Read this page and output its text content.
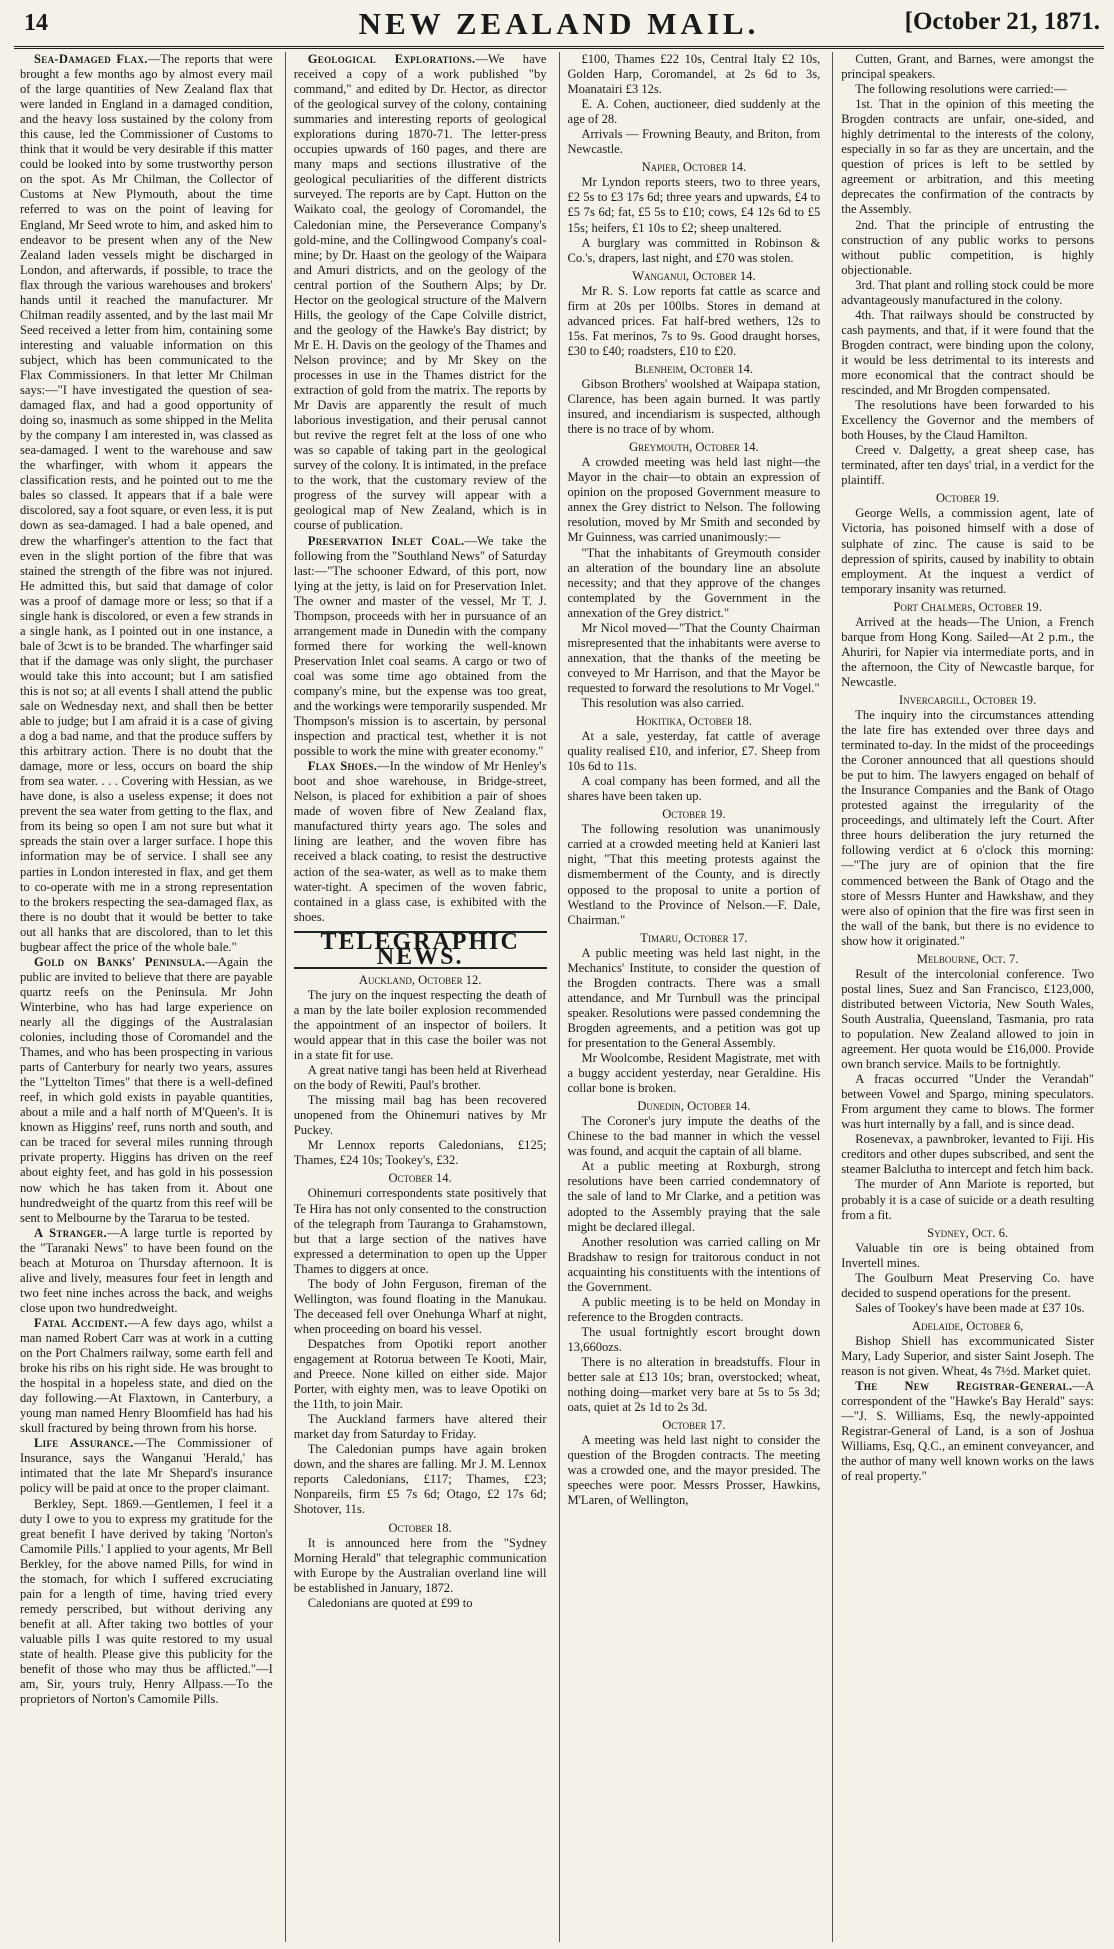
14	NEW ZEALAND MAIL.	[October 21, 1871.

Sea-Damaged Flax.—The reports that were brought a few months ago by almost every mail of the large quantities of New Zealand flax that were landed in England in a damaged condition, and the heavy loss sustained by the colony from this cause, led the Commissioner of Customs to think that it would be very desirable if this matter could be looked into by some trustworthy person on the spot. As Mr Chilman, the Collector of Customs at New Plymouth, about the time referred to was on the point of leaving for England, Mr Seed wrote to him, and asked him to endeavor to be present when any of the New Zealand laden vessels might be discharged in London, and afterwards, if possible, to trace the flax through the various warehouses and brokers' hands until it reached the manufacturer. Mr Chilman readily assented, and by the last mail Mr Seed received a letter from him, containing some interesting and valuable information on this subject, which has been communicated to the Flax Commissioners. In that letter Mr Chilman says:—"I have investigated the question of sea-damaged flax, and had a good opportunity of doing so, inasmuch as some shipped in the Melita by the company I am interested in, was classed as sea-damaged. I went to the warehouse and saw the wharfinger, with whom it appears the classification rests, and he pointed out to me the bales so classed. It appears that if a bale were discolored, say a foot square, or even less, it is put down as sea-damaged. I had a bale opened, and drew the wharfinger's attention to the fact that even in the slight portion of the fibre that was stained the strength of the fibre was not injured. He admitted this, but said that damage of color was a proof of damage more or less; so that if a single hank is discolored, or even a few strands in a single hank, as I pointed out in one instance, a bale of 3cwt is to be branded. The wharfinger said that if the damage was only slight, the purchaser would take this into account; but I am satisfied this is not so; at all events I shall attend the public sale on Wednesday next, and shall then be better able to judge; but I am afraid it is a case of giving a dog a bad name, and that the produce suffers by this arbitrary action. There is no doubt that the damage, more or less, occurs on board the ship from sea water. . . . Covering with Hessian, as we have done, is also a useless expense; it does not prevent the sea water from getting to the flax, and from its being so open I am not sure but what it spreads the stain over a larger surface. I hope this information may be of service. I shall see any parties in London interested in flax, and get them to co-operate with me in a strong representation to the brokers respecting the sea-damaged flax, as there is no doubt that it would be better to take out all hanks that are discolored, than to let this bugbear affect the price of the whole bale."

Gold on Banks' Peninsula.—Again the public are invited to believe that there are payable quartz reefs on the Peninsula. Mr John Winterbine, who has had large experience on nearly all the diggings of the Australasian colonies, including those of Coromandel and the Thames, and who has been prospecting in various parts of Canterbury for nearly two years, assures the "Lyttelton Times" that there is a well-defined reef, in which gold exists in payable quantities, about a mile and a half north of M'Queen's. It is known as Higgins' reef, runs north and south, and can be traced for several miles running through private property. Higgins has driven on the reef about eighty feet, and has gold in his possession now which he has taken from it. About one hundredweight of the quartz from this reef will be sent to Melbourne by the Tararua to be tested.

A Stranger.—A large turtle is reported by the "Taranaki News" to have been found on the beach at Moturoa on Thursday afternoon. It is alive and lively, measures four feet in length and two feet nine inches across the back, and weighs close upon two hundredweight.

Fatal Accident.—A few days ago, whilst a man named Robert Carr was at work in a cutting on the Port Chalmers railway, some earth fell and broke his ribs on his right side. He was brought to the hospital in a hopeless state, and died on the day following.—At Flaxtown, in Canterbury, a young man named Henry Bloomfield has had his skull fractured by being thrown from his horse.

Life Assurance.—The Commissioner of Insurance, says the Wanganui 'Herald,' has intimated that the late Mr Shepard's insurance policy will be paid at once to the proper claimant.

Berkley, Sept. 1869.—Gentlemen, I feel it a duty I owe to you to express my gratitude for the great benefit I have derived by taking 'Norton's Camomile Pills.' I applied to your agents, Mr Bell Berkley, for the above named Pills, for wind in the stomach, for which I suffered excruciating pain for a length of time, having tried every remedy perscribed, but without deriving any benefit at all. After taking two bottles of your valuable pills I was quite restored to my usual state of health. Please give this publicity for the benefit of those who may thus be afflicted."—I am, Sir, yours truly, Henry Allpass.—To the proprietors of Norton's Camomile Pills.

Geological Explorations.—We have received a copy of a work published "by command," and edited by Dr. Hector, as director of the geological survey of the colony, containing summaries and interesting reports of geological explorations during 1870-71. The letter-press occupies upwards of 160 pages, and there are many maps and sections illustrative of the geological peculiarities of the different districts surveyed. The reports are by Capt. Hutton on the Waikato coal, the geology of Coromandel, the Caledonian mine, the Perseverance Company's gold-mine, and the Collingwood Company's coal-mine; by Dr. Haast on the geology of the Waipara and Amuri districts, and on the geology of the central portion of the Southern Alps; by Dr. Hector on the geological structure of the Malvern Hills, the geology of the Cape Colville district, and the geology of the Hawke's Bay district; by Mr E. H. Davis on the geology of the Thames and Nelson province; and by Mr Skey on the processes in use in the Thames district for the extraction of gold from the matrix. The reports by Mr Davis are apparently the result of much laborious investigation, and their perusal cannot but revive the regret felt at the loss of one who was so capable of taking part in the geological survey of the colony. It is intimated, in the preface to the work, that the customary review of the progress of the survey will appear with a geological map of New Zealand, which is in course of publication.

Preservation Inlet Coal.—We take the following from the "Southland News" of Saturday last:—"The schooner Edward, of this port, now lying at the jetty, is laid on for Preservation Inlet. The owner and master of the vessel, Mr T. J. Thompson, proceeds with her in pursuance of an arrangement made in Dunedin with the company formed there for working the well-known Preservation Inlet coal seams. A cargo or two of coal was some time ago obtained from the company's mine, but the expense was too great, and the workings were temporarily suspended. Mr Thompson's mission is to ascertain, by personal inspection and practical test, whether it is not possible to work the mine with greater economy."

Flax Shoes.—In the window of Mr Henley's boot and shoe warehouse, in Bridge-street, Nelson, is placed for exhibition a pair of shoes made of woven fibre of New Zealand flax, manufactured thirty years ago. The soles and lining are leather, and the woven fibre has received a black coating, to resist the destructive action of the sea-water, as well as to make them water-tight. A specimen of the woven fabric, contained in a glass case, is exhibited with the shoes.

TELEGRAPHIC NEWS.
Auckland, October 12.

The jury on the inquest respecting the death of a man by the late boiler explosion recommended the appointment of an inspector of boilers. It would appear that in this case the boiler was not in a state fit for use.

A great native tangi has been held at Riverhead on the body of Rewiti, Paul's brother.

The missing mail bag has been recovered unopened from the Ohinemuri natives by Mr Puckey.

Mr Lennox reports Caledonians, £125; Thames, £24 10s; Tookey's, £32.

October 14.

Ohinemuri correspondents state positively that Te Hira has not only consented to the construction of the telegraph from Tauranga to Grahamstown, but that a large section of the natives have expressed a determination to open up the Upper Thames to diggers at once.

The body of John Ferguson, fireman of the Wellington, was found floating in the Manukau. The deceased fell over Onehunga Wharf at night, when proceeding on board his vessel.

Despatches from Opotiki report another engagement at Rotorua between Te Kooti, Mair, and Preece. None killed on either side. Major Porter, with eighty men, was to leave Opotiki on the 11th, to join Mair.

The Auckland farmers have altered their market day from Saturday to Friday.

The Caledonian pumps have again broken down, and the shares are falling. Mr J. M. Lennox reports Caledonians, £117; Thames, £23; Nonpareils, firm £5 7s 6d; Otago, £2 17s 6d; Shotover, 11s.

October 18.

It is announced here from the "Sydney Morning Herald" that telegraphic communication with Europe by the Australian overland line will be established in January, 1872.

Caledonians are quoted at £99 to

£100, Thames £22 10s, Central Italy £2 10s, Golden Harp, Coromandel, at 2s 6d to 3s, Moanatairi £3 12s.

E. A. Cohen, auctioneer, died suddenly at the age of 28.

Arrivals — Frowning Beauty, and Briton, from Newcastle.

Napier, October 14.

Mr Lyndon reports steers, two to three years, £2 5s to £3 17s 6d; three years and upwards, £4 to £5 7s 6d; fat, £5 5s to £10; cows, £4 12s 6d to £5 15s; heifers, £1 10s to £2; sheep unaltered.

A burglary was committed in Robinson & Co.'s, drapers, last night, and £70 was stolen.

Wanganui, October 14.

Mr R. S. Low reports fat cattle as scarce and firm at 20s per 100lbs. Stores in demand at advanced prices. Fat half-bred wethers, 12s to 15s. Fat merinos, 7s to 9s. Good draught horses, £30 to £40; roadsters, £10 to £20.

Blenheim, October 14.

Gibson Brothers' woolshed at Waipapa station, Clarence, has been again burned. It was partly insured, and incendiarism is suspected, although there is no trace of by whom.

Greymouth, October 14.

A crowded meeting was held last night—the Mayor in the chair—to obtain an expression of opinion on the proposed Government measure to annex the Grey district to Nelson. The following resolution, moved by Mr Smith and seconded by Mr Guinness, was carried unanimously:—

"That the inhabitants of Greymouth consider an alteration of the boundary line an absolute necessity; and that they approve of the changes contemplated by the Government in the annexation of the Grey district."

Mr Nicol moved—"That the County Chairman misrepresented that the inhabitants were averse to annexation, that the thanks of the meeting be conveyed to Mr Harrison, and that the Mayor be requested to forward the resolutions to Mr Vogel."

This resolution was also carried.

Hokitika, October 18.

At a sale, yesterday, fat cattle of average quality realised £10, and inferior, £7. Sheep from 10s 6d to 11s.

A coal company has been formed, and all the shares have been taken up.

October 19.

The following resolution was unanimously carried at a crowded meeting held at Kanieri last night, "That this meeting protests against the dismemberment of the County, and is directly opposed to the proposal to unite a portion of Westland to the Province of Nelson.—F. Dale, Chairman."

Timaru, October 17.

A public meeting was held last night, in the Mechanics' Institute, to consider the question of the Brogden contracts. There was a small attendance, and Mr Turnbull was the principal speaker. Resolutions were passed condemning the Brogden agreements, and a petition was got up for presentation to the General Assembly.

Mr Woolcombe, Resident Magistrate, met with a buggy accident yesterday, near Geraldine. His collar bone is broken.

Dunedin, October 14.

The Coroner's jury impute the deaths of the Chinese to the bad manner in which the vessel was found, and acquit the captain of all blame.

At a public meeting at Roxburgh, strong resolutions have been carried condemnatory of the sale of land to Mr Clarke, and a petition was adopted to the Assembly praying that the sale might be declared illegal.

Another resolution was carried calling on Mr Bradshaw to resign for traitorous conduct in not acquainting his constituents with the intentions of the Government.

A public meeting is to be held on Monday in reference to the Brogden contracts.

The usual fortnightly escort brought down 13,660ozs.

There is no alteration in breadstuffs. Flour in better sale at £13 10s; bran, overstocked; wheat, nothing doing—market very bare at 5s to 5s 3d; oats, quiet at 2s 1d to 2s 3d.

October 17.

A meeting was held last night to consider the question of the Brogden contracts. The meeting was a crowded one, and the mayor presided. The speeches were poor. Messrs Prosser, Hawkins, M'Laren, of Wellington,

Cutten, Grant, and Barnes, were amongst the principal speakers.

The following resolutions were carried:—

1st. That in the opinion of this meeting the Brogden contracts are unfair, one-sided, and highly detrimental to the interests of the colony, especially in so far as they are uncertain, and the question of prices is left to be settled by agreement or arbitration, and this meeting deprecates the confirmation of the contracts by the Assembly.

2nd. That the principle of entrusting the construction of any public works to persons without public competition, is highly objectionable.

3rd. That plant and rolling stock could be more advantageously manufactured in the colony.

4th. That railways should be constructed by cash payments, and that, if it were found that the Brogden contract, were binding upon the colony, it would be less detrimental to its interests and more economical that the contract should be rescinded, and Mr Brogden compensated.

The resolutions have been forwarded to his Excellency the Governor and the members of both Houses, by the Claud Hamilton.

Creed v. Dalgetty, a great sheep case, has terminated, after ten days' trial, in a verdict for the plaintiff.

October 19.

George Wells, a commission agent, late of Victoria, has poisoned himself with a dose of sulphate of zinc. The cause is said to be depression of spirits, caused by inability to obtain employment. At the inquest a verdict of temporary insanity was returned.

Port Chalmers, October 19.

Arrived at the heads—The Union, a French barque from Hong Kong. Sailed—At 2 p.m., the Ahuriri, for Napier via intermediate ports, and in the afternoon, the City of Newcastle barque, for Newcastle.

Invercargill, October 19.

The inquiry into the circumstances attending the late fire has extended over three days and terminated to-day. In the midst of the proceedings the Coroner announced that all questions should be put to him. The lawyers engaged on behalf of the Insurance Companies and the Bank of Otago protested against the irregularity of the proceedings, and ultimately left the Court. After three hours deliberation the jury returned the following verdict at 6 o'clock this morning:—"The jury are of opinion that the fire commenced between the Bank of Otago and the store of Messrs Hunter and Hawkshaw, and they were also of opinion that the fire was first seen in the wall of the bank, but there is no evidence to show how it originated."

Melbourne, Oct. 7.

Result of the intercolonial conference. Two postal lines, Suez and San Francisco, £123,000, distributed between Victoria, New South Wales, South Australia, Queensland, Tasmania, pro rata to population. New Zealand allowed to join in agreement. Her quota would be £16,000. Provide own branch service. Mails to be fortnightly.

A fracas occurred "Under the Verandah" between Vowel and Spargo, mining speculators. From argument they came to blows. The former was hurt internally by a fall, and is since dead.

Rosenevax, a pawnbroker, levanted to Fiji. His creditors and other dupes subscribed, and sent the steamer Balclutha to intercept and fetch him back.

The murder of Ann Mariote is reported, but probably it is a case of suicide or a death resulting from a fit.

Sydney, Oct. 6.

Valuable tin ore is being obtained from Invertell mines.

The Goulburn Meat Preserving Co. have decided to suspend operations for the present.

Sales of Tookey's have been made at £37 10s.

Adelaide, October 6,

Bishop Shiell has excommunicated Sister Mary, Lady Superior, and sister Saint Joseph. The reason is not given. Wheat, 4s 7½d. Market quiet.

The New Registrar-General.—A correspondent of the "Hawke's Bay Herald" says:—"J. S. Williams, Esq, the newly-appointed Registrar-General of Land, is a son of Joshua Williams, Esq, Q.C., an eminent conveyancer, and the author of many well known works on the laws of real property."
